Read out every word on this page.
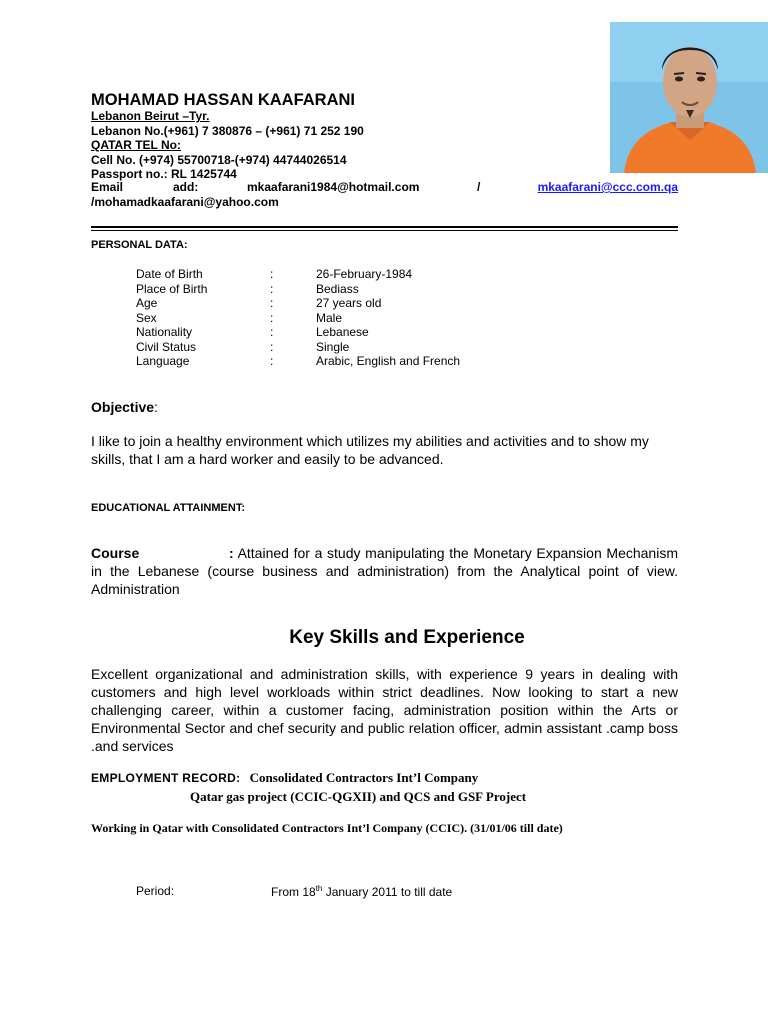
MOHAMAD HASSAN KAAFARANI
Lebanon Beirut –Tyr.
Lebanon No.(+961) 7 380876 – (+961) 71 252 190
QATAR TEL No:
Cell No. (+974) 55700718-(+974) 44744026514
Passport no.: RL 1425744
Email	add:	mkaafarani1984@hotmail.com	/	mkaafarani@ccc.com.qa
/mohamadkaafarani@yahoo.com
PERSONAL DATA:
Date of Birth	:	26-February-1984
Place of Birth	:	Bediass
Age	:	27 years old
Sex	:	Male
Nationality	:	Lebanese
Civil Status	:	Single
Language	:	Arabic, English and French
Objective:
I like to join a healthy environment which utilizes my abilities and activities and to show my skills, that I am a hard worker and easily to be advanced.
EDUCATIONAL ATTAINMENT:
Course	: Attained for a study manipulating the Monetary Expansion Mechanism in the Lebanese (course business and administration) from the Analytical point of view. Administration
Key Skills and Experience
Excellent organizational and administration skills, with experience 9 years in dealing with customers and high level workloads within strict deadlines. Now looking to start a new challenging career, within a customer facing, administration position within the Arts or Environmental Sector and chef security and public relation officer, admin assistant .camp boss .and services
EMPLOYMENT RECORD: Consolidated Contractors Int’l Company
Qatar gas project (CCIC-QGXII) and QCS and GSF Project
Working in Qatar with Consolidated Contractors Int’l Company (CCIC). (31/01/06 till date)
Period:	From 18th January 2011 to till date
